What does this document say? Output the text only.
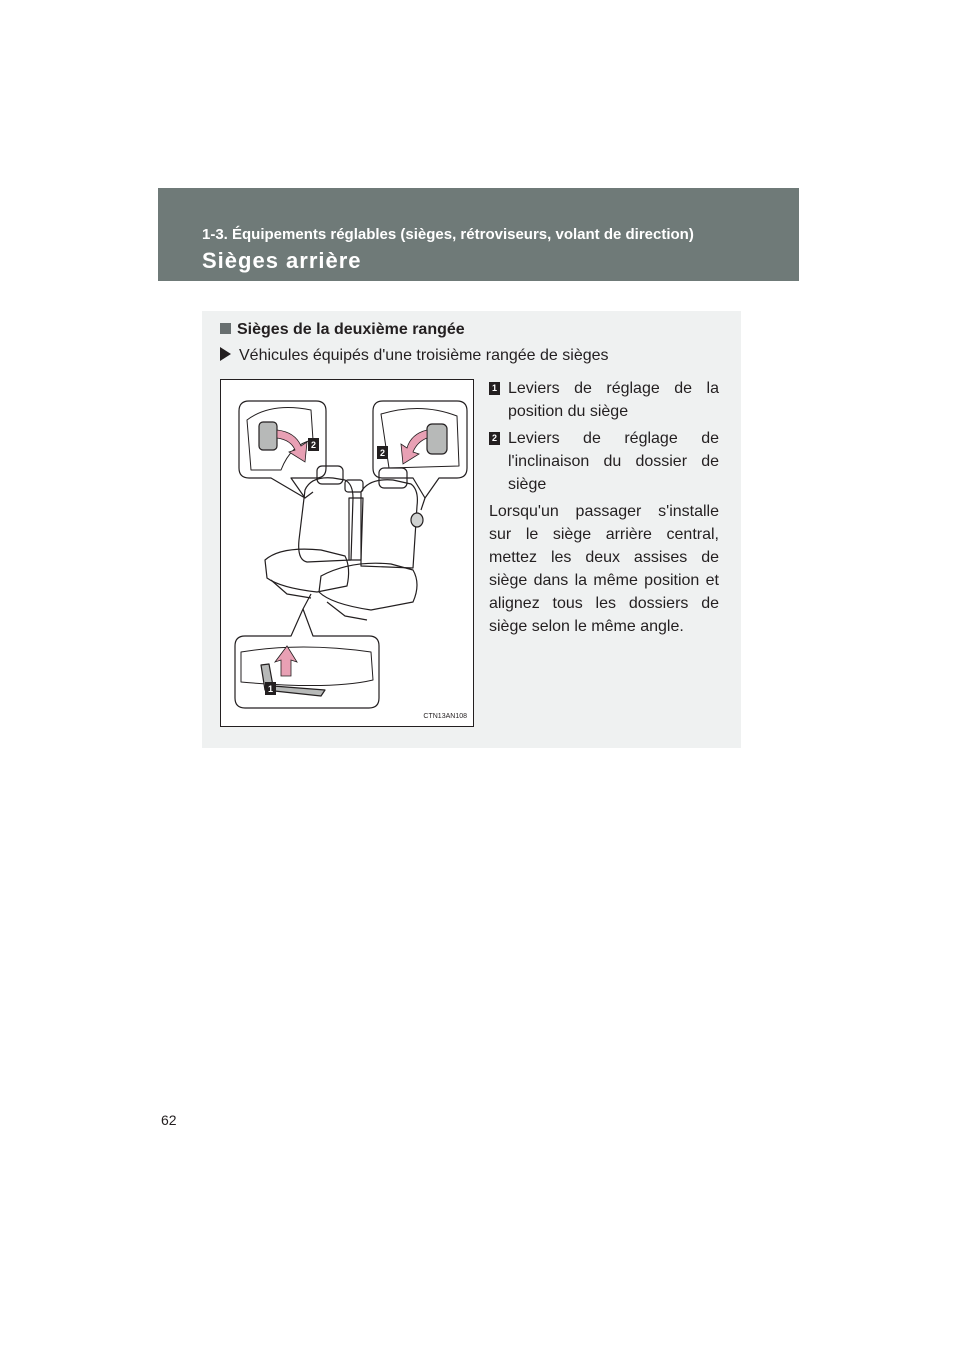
1-3. Équipements réglables (sièges, rétroviseurs, volant de direction)
Sièges arrière
Sièges de la deuxième rangée
Véhicules équipés d'une troisième rangée de sièges
2
2
1
CTN13AN108
1 Leviers de réglage de la position du siège
2 Leviers de réglage de l'inclinaison du dossier de siège
Lorsqu'un passager s'installe sur le siège arrière central, mettez les deux assises de siège dans la même position et alignez tous les dossiers de siège selon le même angle.
62
